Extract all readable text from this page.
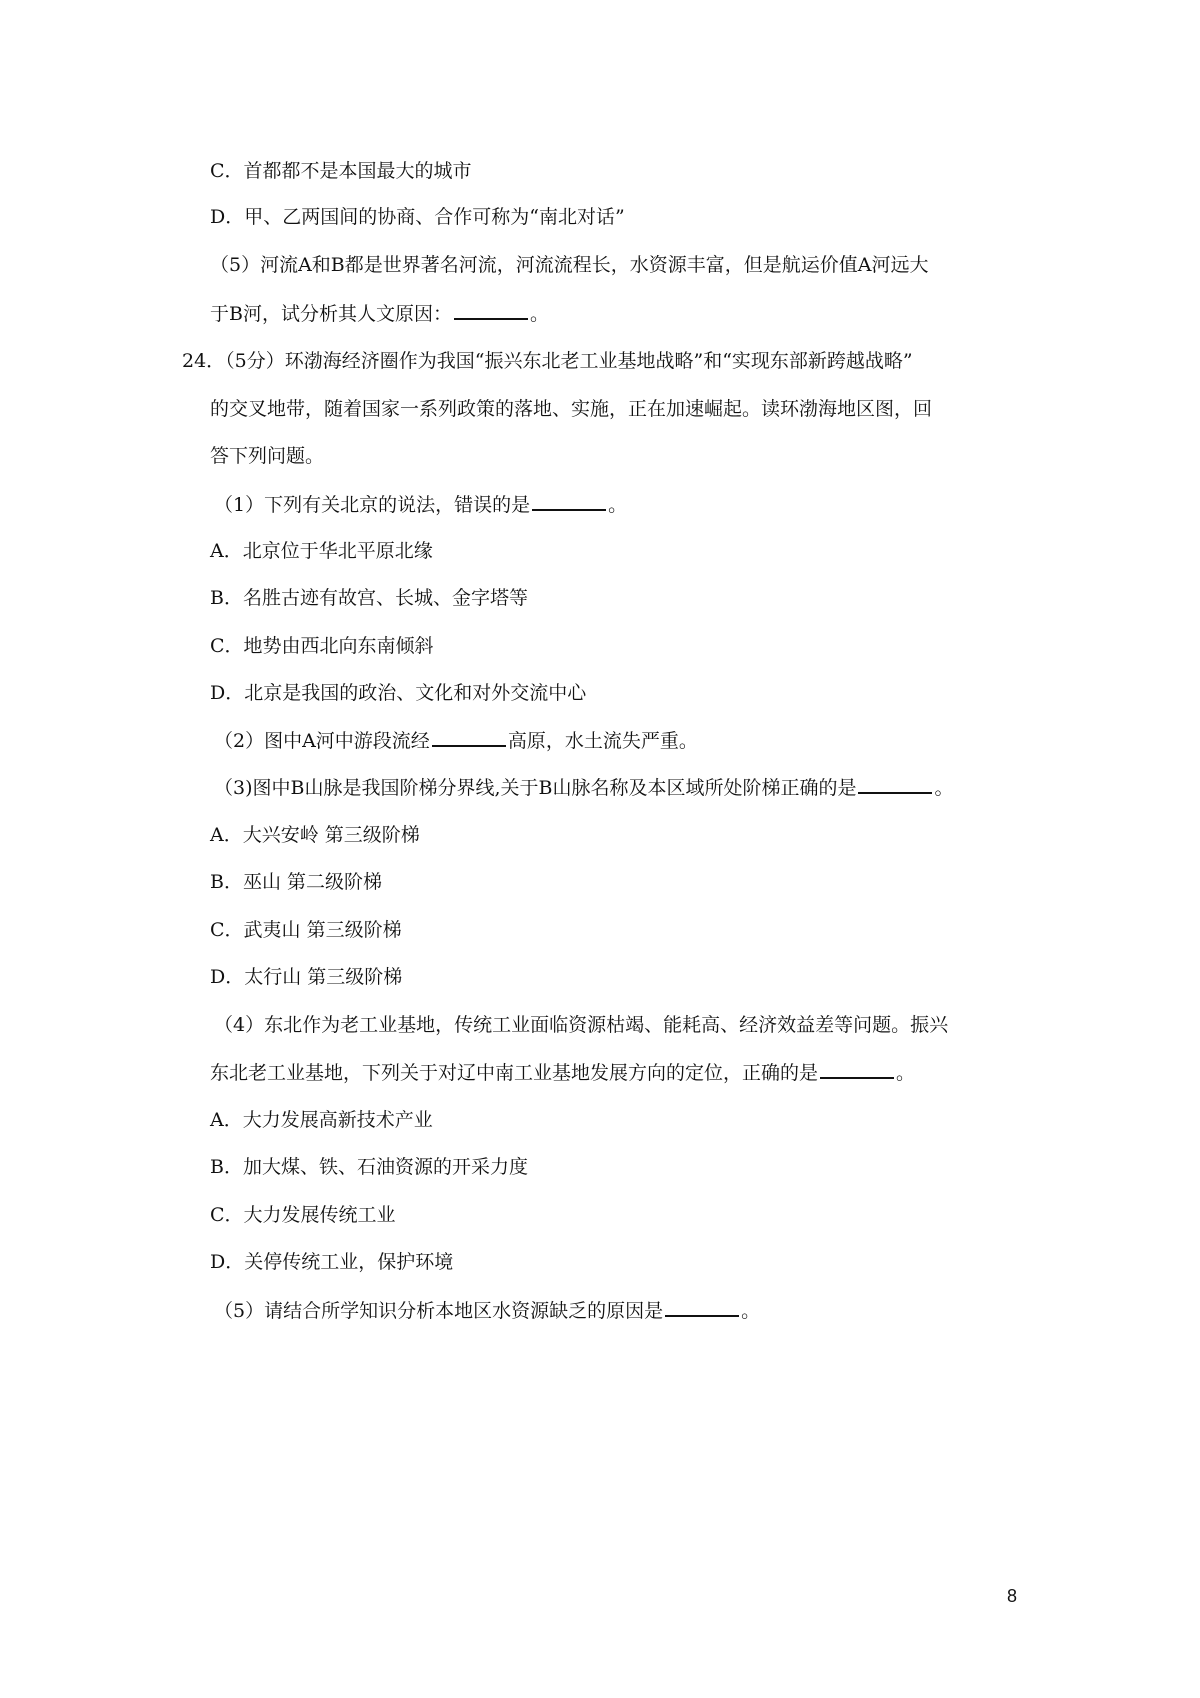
C．首都都不是本国最大的城市
D．甲、乙两国间的协商、合作可称为“南北对话”
（5）河流A和B都是世界著名河流，河流流程长，水资源丰富，但是航运价值A河远大
于B河，试分析其人文原因：	。
24．（5分）环渤海经济圈作为我国“振兴东北老工业基地战略”和“实现东部新跨越战略”
的交叉地带，随着国家一系列政策的落地、实施，正在加速崛起。读环渤海地区图，回
答下列问题。
（1）下列有关北京的说法，错误的是	。
A．北京位于华北平原北缘
B．名胜古迹有故宫、长城、金字塔等
C．地势由西北向东南倾斜
D．北京是我国的政治、文化和对外交流中心
（2）图中A河中游段流经	高原，水土流失严重。
（3)图中B山脉是我国阶梯分界线,关于B山脉名称及本区域所处阶梯正确的是	。
A．大兴安岭 第三级阶梯
B．巫山 第二级阶梯
C．武夷山 第三级阶梯
D．太行山 第三级阶梯
（4）东北作为老工业基地，传统工业面临资源枯竭、能耗高、经济效益差等问题。振兴
东北老工业基地，下列关于对辽中南工业基地发展方向的定位，正确的是	。
A．大力发展高新技术产业
B．加大煤、铁、石油资源的开采力度
C．大力发展传统工业
D．关停传统工业，保护环境
（5）请结合所学知识分析本地区水资源缺乏的原因是	。
8
